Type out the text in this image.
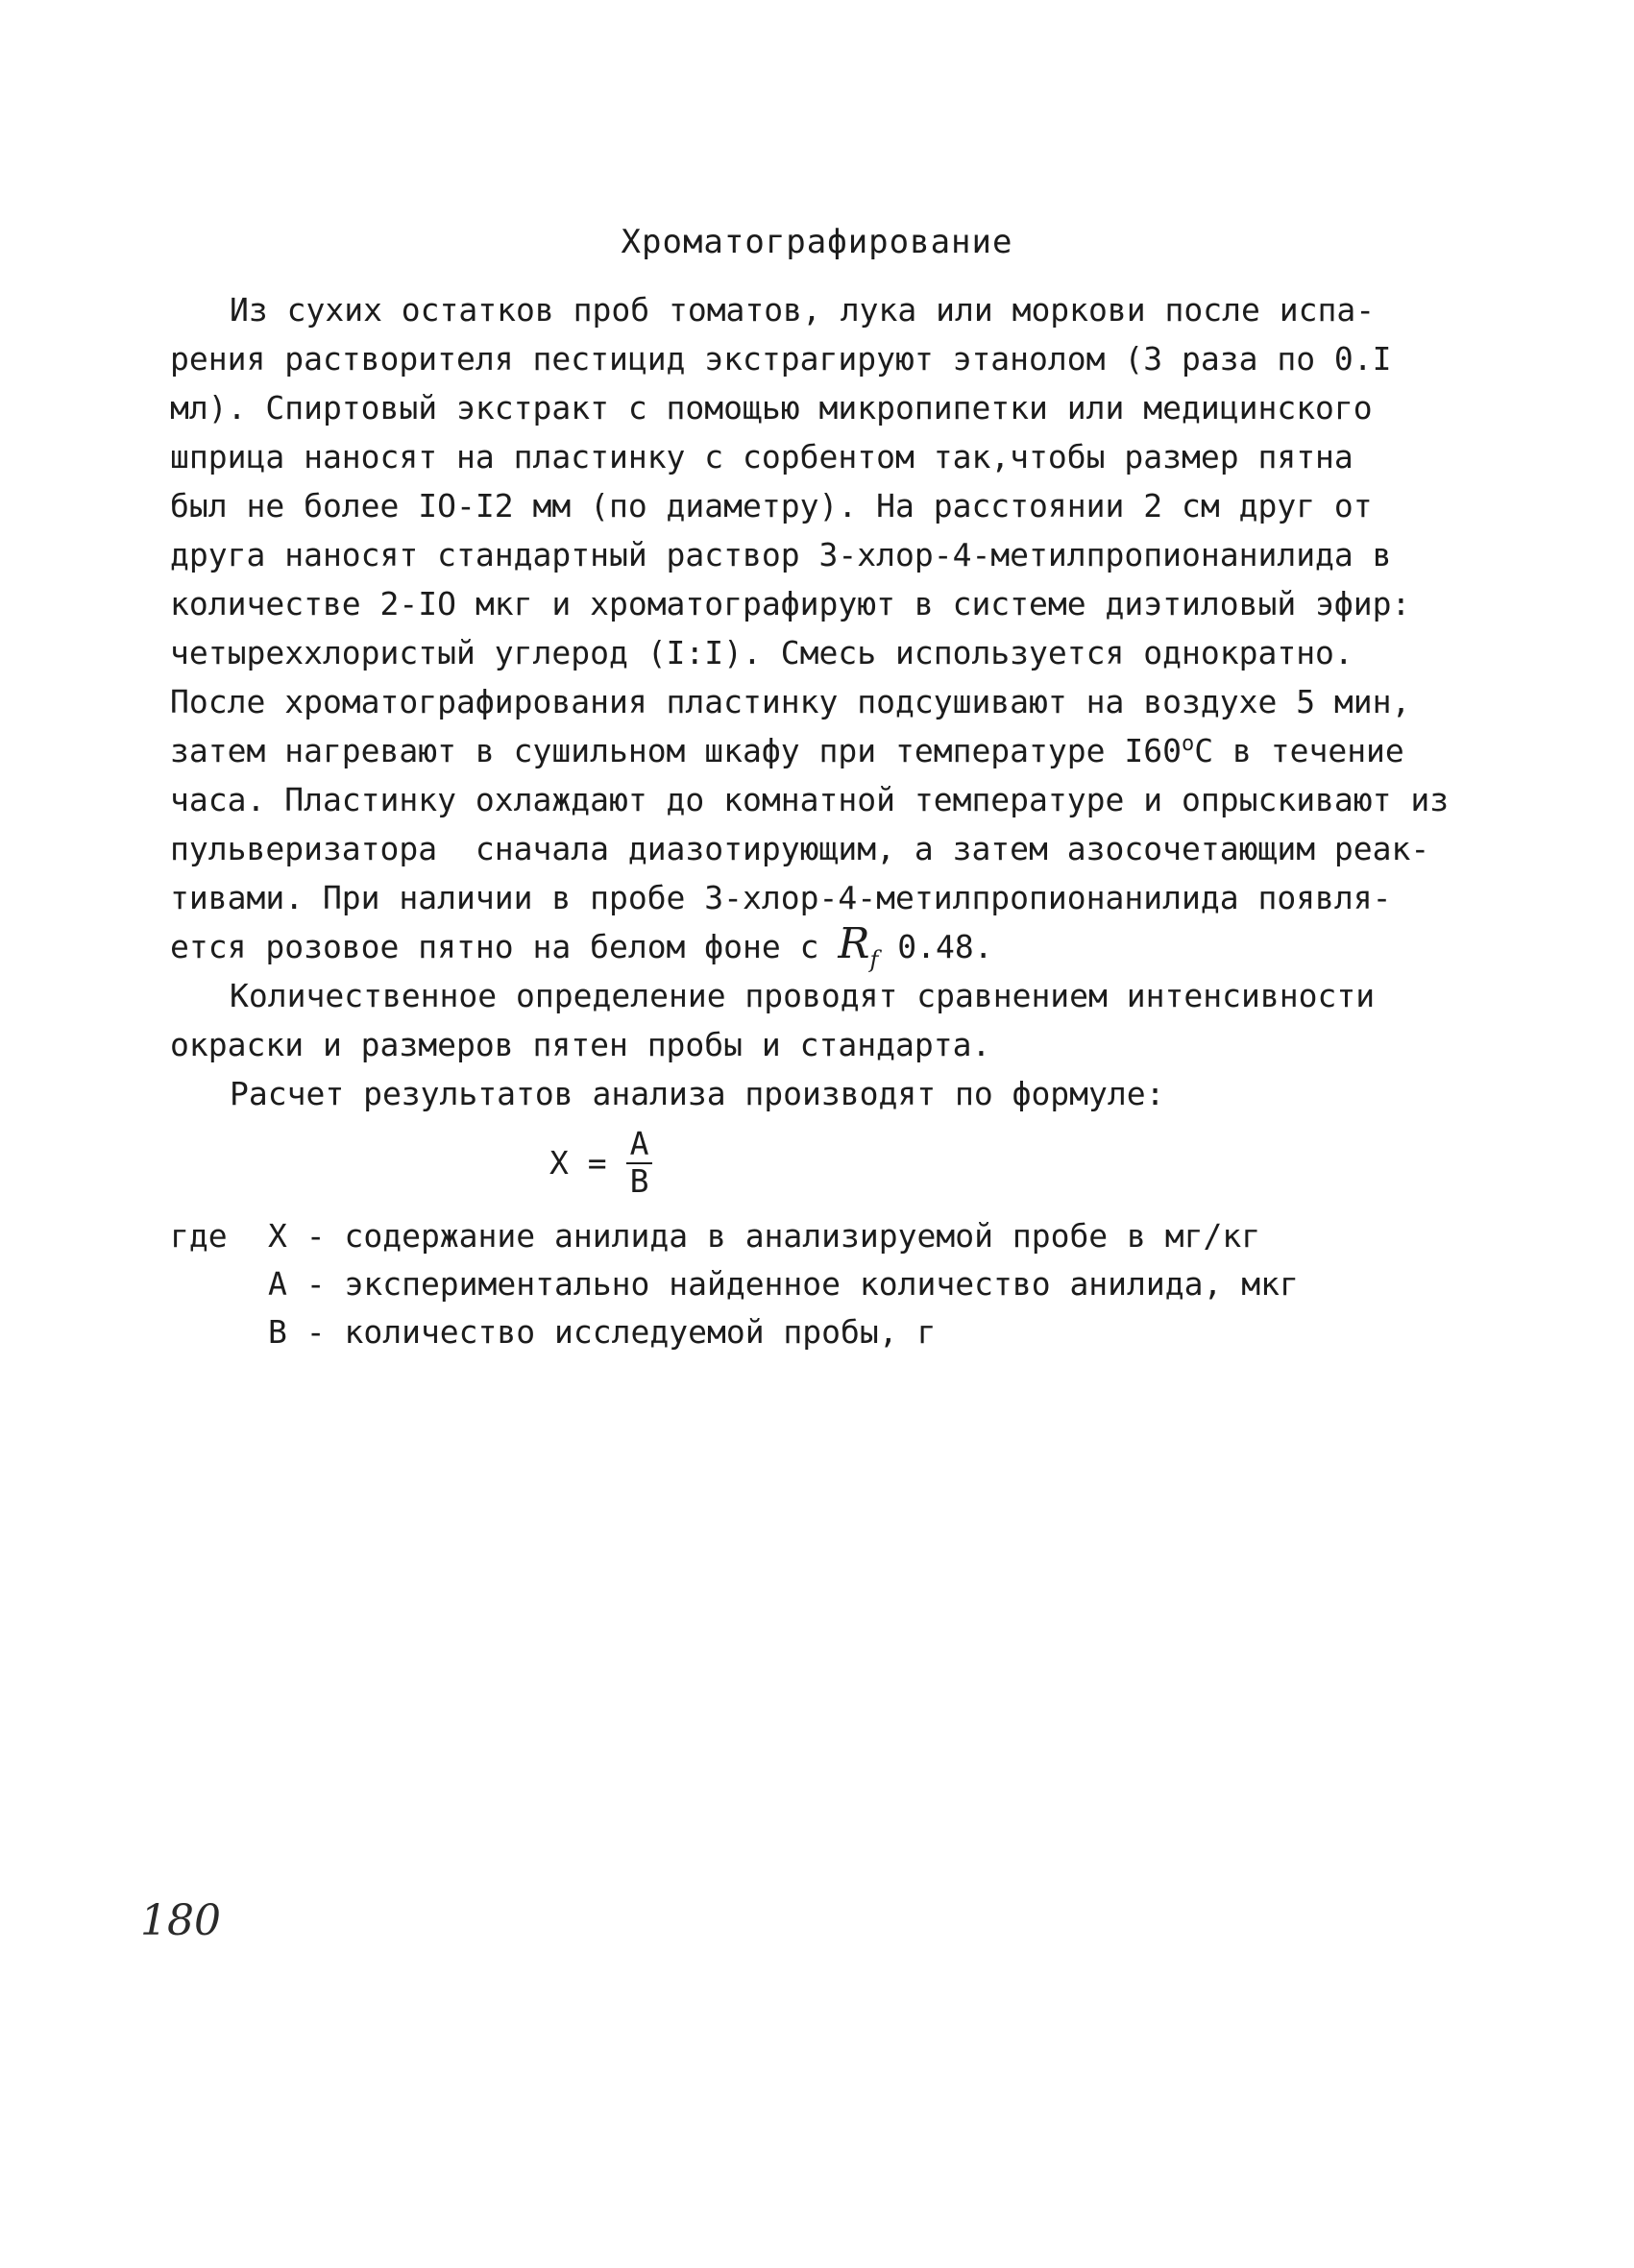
Хроматографирование
Из сухих остатков проб томатов, лука или моркови после испа-
рения растворителя пестицид экстрагируют этанолом (3 раза по 0.I
мл). Спиртовый экстракт с помощью микропипетки или медицинского
шприца наносят на пластинку с сорбентом так,чтобы размер пятна
был не более IO-I2 мм (по диаметру). На расстоянии 2 см друг от
друга наносят стандартный раствор 3-хлор-4-метилпропионанилида в
количестве 2-IO мкг и хроматографируют в системе диэтиловый эфир:
четыреххлористый углерод (I:I). Смесь используется однократно.
После хроматографирования пластинку подсушивают на воздухе 5 мин,
затем нагревают в сушильном шкафу при температуре $I60^оС$ в течение
часа. Пластинку охлаждают до комнатной температуре и опрыскивают из
пульверизатора  сначала диазотирующим, а затем азосочетающим реак-
тивами. При наличии в пробе 3-хлор-4-метилпропионанилида появля-
ется розовое пятно на белом фоне с $R_f$ 0.48.
Количественное определение проводят сравнением интенсивности
окраски и размеров пятен пробы и стандарта.
Расчет результатов анализа производят по формуле:
$Х = \frac{А}{В}$
где Х - содержание анилида в анализируемой пробе в мг/кг
А - экспериментально найденное количество анилида, мкг
В - количество исследуемой пробы, г
180
